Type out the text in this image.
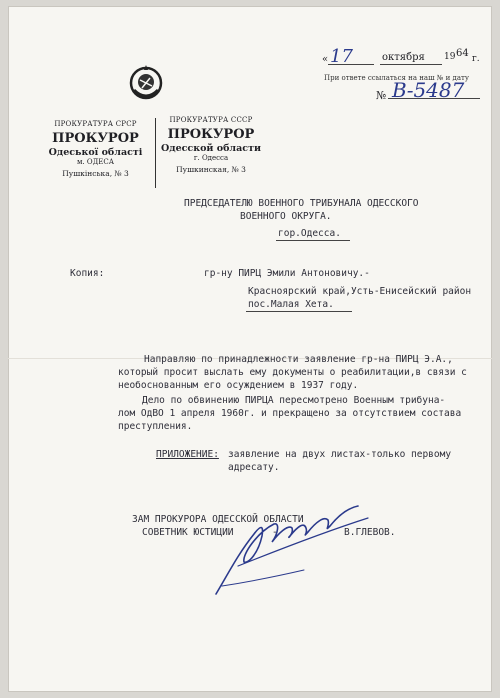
ПРОКУРАТУРА СРСР
ПРОКУРОР
Одеської області
м. ОДЕСА
Пушкінська, № 3
ПРОКУРАТУРА СССР
ПРОКУРОР
Одесской области
г. Одесса
Пушкинская, № 3
« 17	октября 19 64 г.
При ответе ссылаться на наш № и дату
№ В-5487
ПРЕДСЕДАТЕЛЮ ВОЕННОГО ТРИБУНАЛА ОДЕССКОГО
ВОЕННОГО ОКРУГА.
гор.Одесса.
Копия:	гр-ну ПИРЦ Эмили Антоновичу.-
Красноярский край,Усть-Енисейский район
пос.Малая Хета.
Направляю по принадлежности заявление гр-на ПИРЦ Э.А.,
который просит выслать ему документы о реабилитации,в связи с
необоснованным его осуждением в 1937 году.
Дело по обвинению ПИРЦА пересмотрено Военным трибуна-
лом ОдВО 1 апреля 1960г. и прекращено за отсутствием состава
преступления.
ПРИЛОЖЕНИЕ: заявление на двух листах-только первому
адресату.
ЗАМ ПРОКУРОРА ОДЕССКОЙ ОБЛАСТИ
СОВЕТНИК ЮСТИЦИИ	-	В.ГЛЕВОВ.
